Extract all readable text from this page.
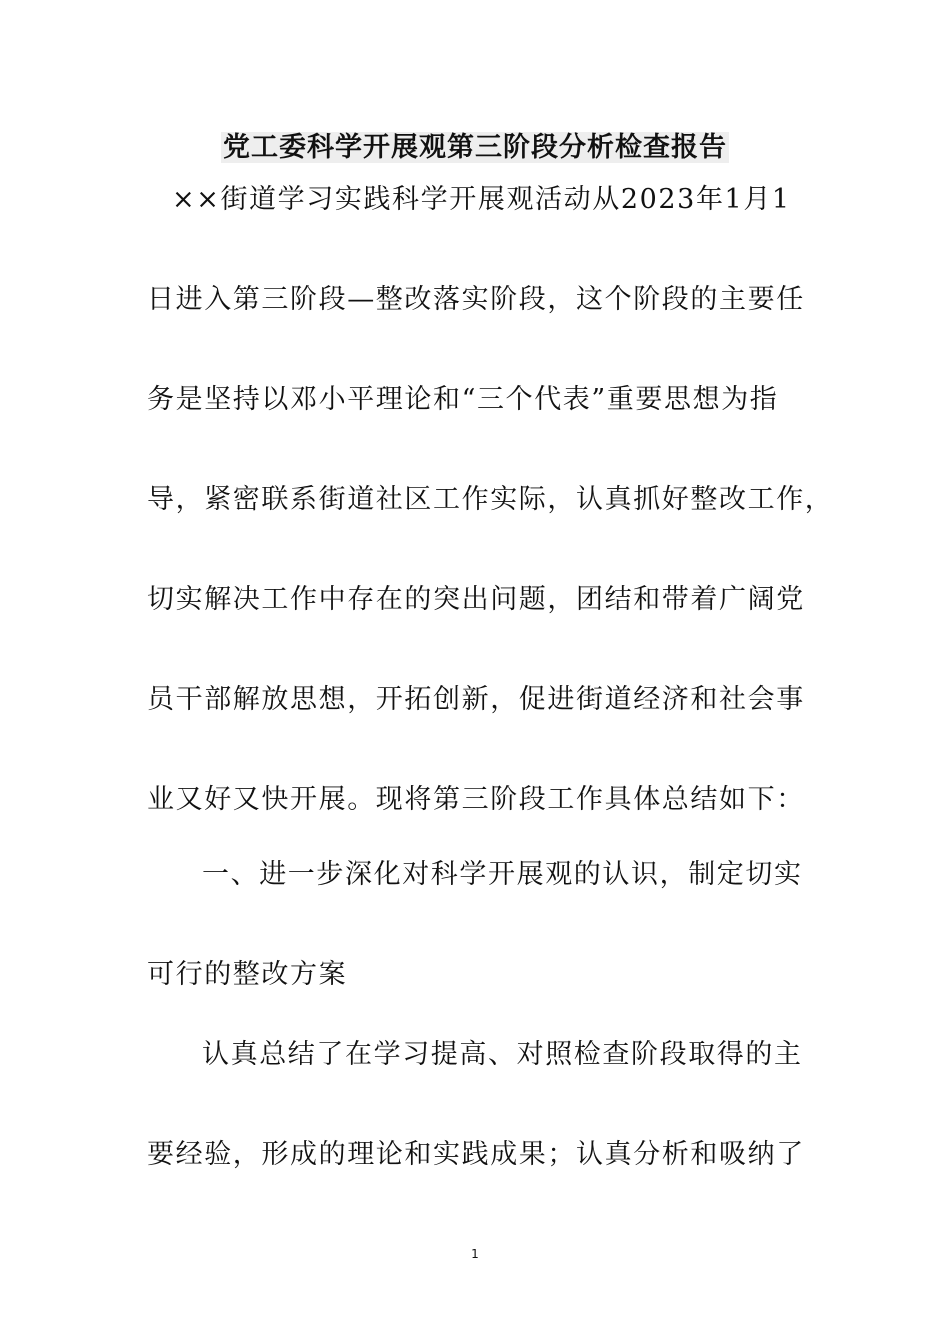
党工委科学开展观第三阶段分析检查报告
××街道学习实践科学开展观活动从2023年1月1
日进入第三阶段—整改落实阶段，这个阶段的主要任
务是坚持以邓小平理论和“三个代表”重要思想为指
导，紧密联系街道社区工作实际，认真抓好整改工作，
切实解决工作中存在的突出问题，团结和带着广阔党
员干部解放思想，开拓创新，促进街道经济和社会事
业又好又快开展。现将第三阶段工作具体总结如下：
一、进一步深化对科学开展观的认识，制定切实
可行的整改方案
认真总结了在学习提高、对照检查阶段取得的主
要经验，形成的理论和实践成果；认真分析和吸纳了
1
